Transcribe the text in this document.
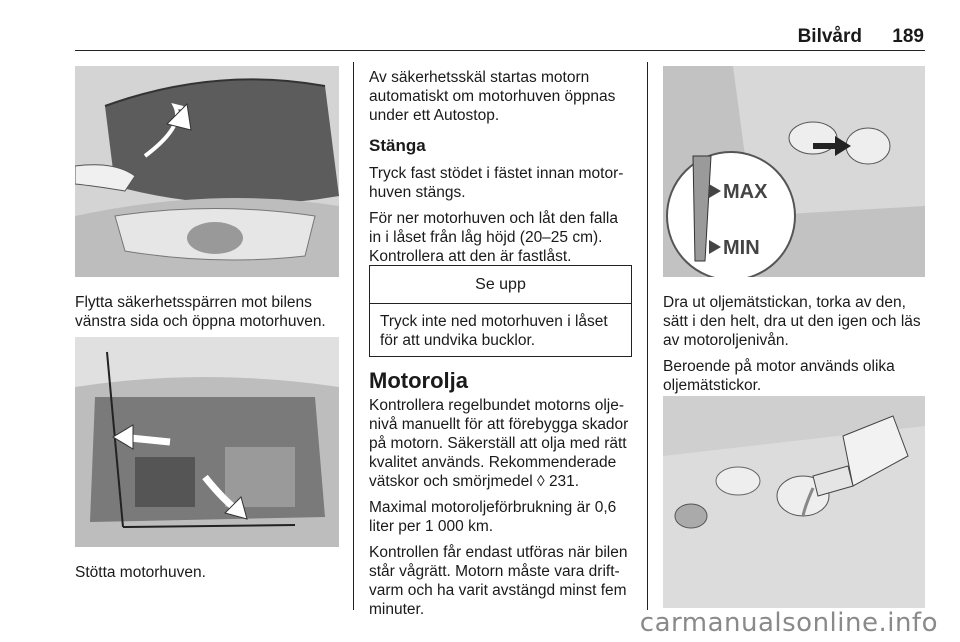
Bilvård 189
Flytta säkerhetsspärren mot bilens vänstra sida och öppna motorhuven.
Stötta motorhuven.
Av säkerhetsskäl startas motorn automatiskt om motorhuven öppnas under ett Autostop.
Stänga

Tryck fast stödet i fästet innan motor-huven stängs.

För ner motorhuven och låt den falla in i låset från låg höjd (20–25 cm). Kontrollera att den är fastlåst.

Se upp
Tryck inte ned motorhuven i låset för att undvika bucklor.
Motorolja

Kontrollera regelbundet motorns olje-nivå manuellt för att förebygga skador på motorn. Säkerställ att olja med rätt kvalitet används. Rekommenderade vätskor och smörjmedel ◊ 231.

Maximal motoroljeförbrukning är 0,6 liter per 1 000 km.

Kontrollen får endast utföras när bilen står vågrätt. Motorn måste vara drift-varm och ha varit avstängd minst fem minuter.

MAX
MIN

Dra ut oljemätstickan, torka av den, sätt i den helt, dra ut den igen och läs av motoroljenivån.

Beroende på motor används olika oljemätstickor.

carmanualsonline.info
